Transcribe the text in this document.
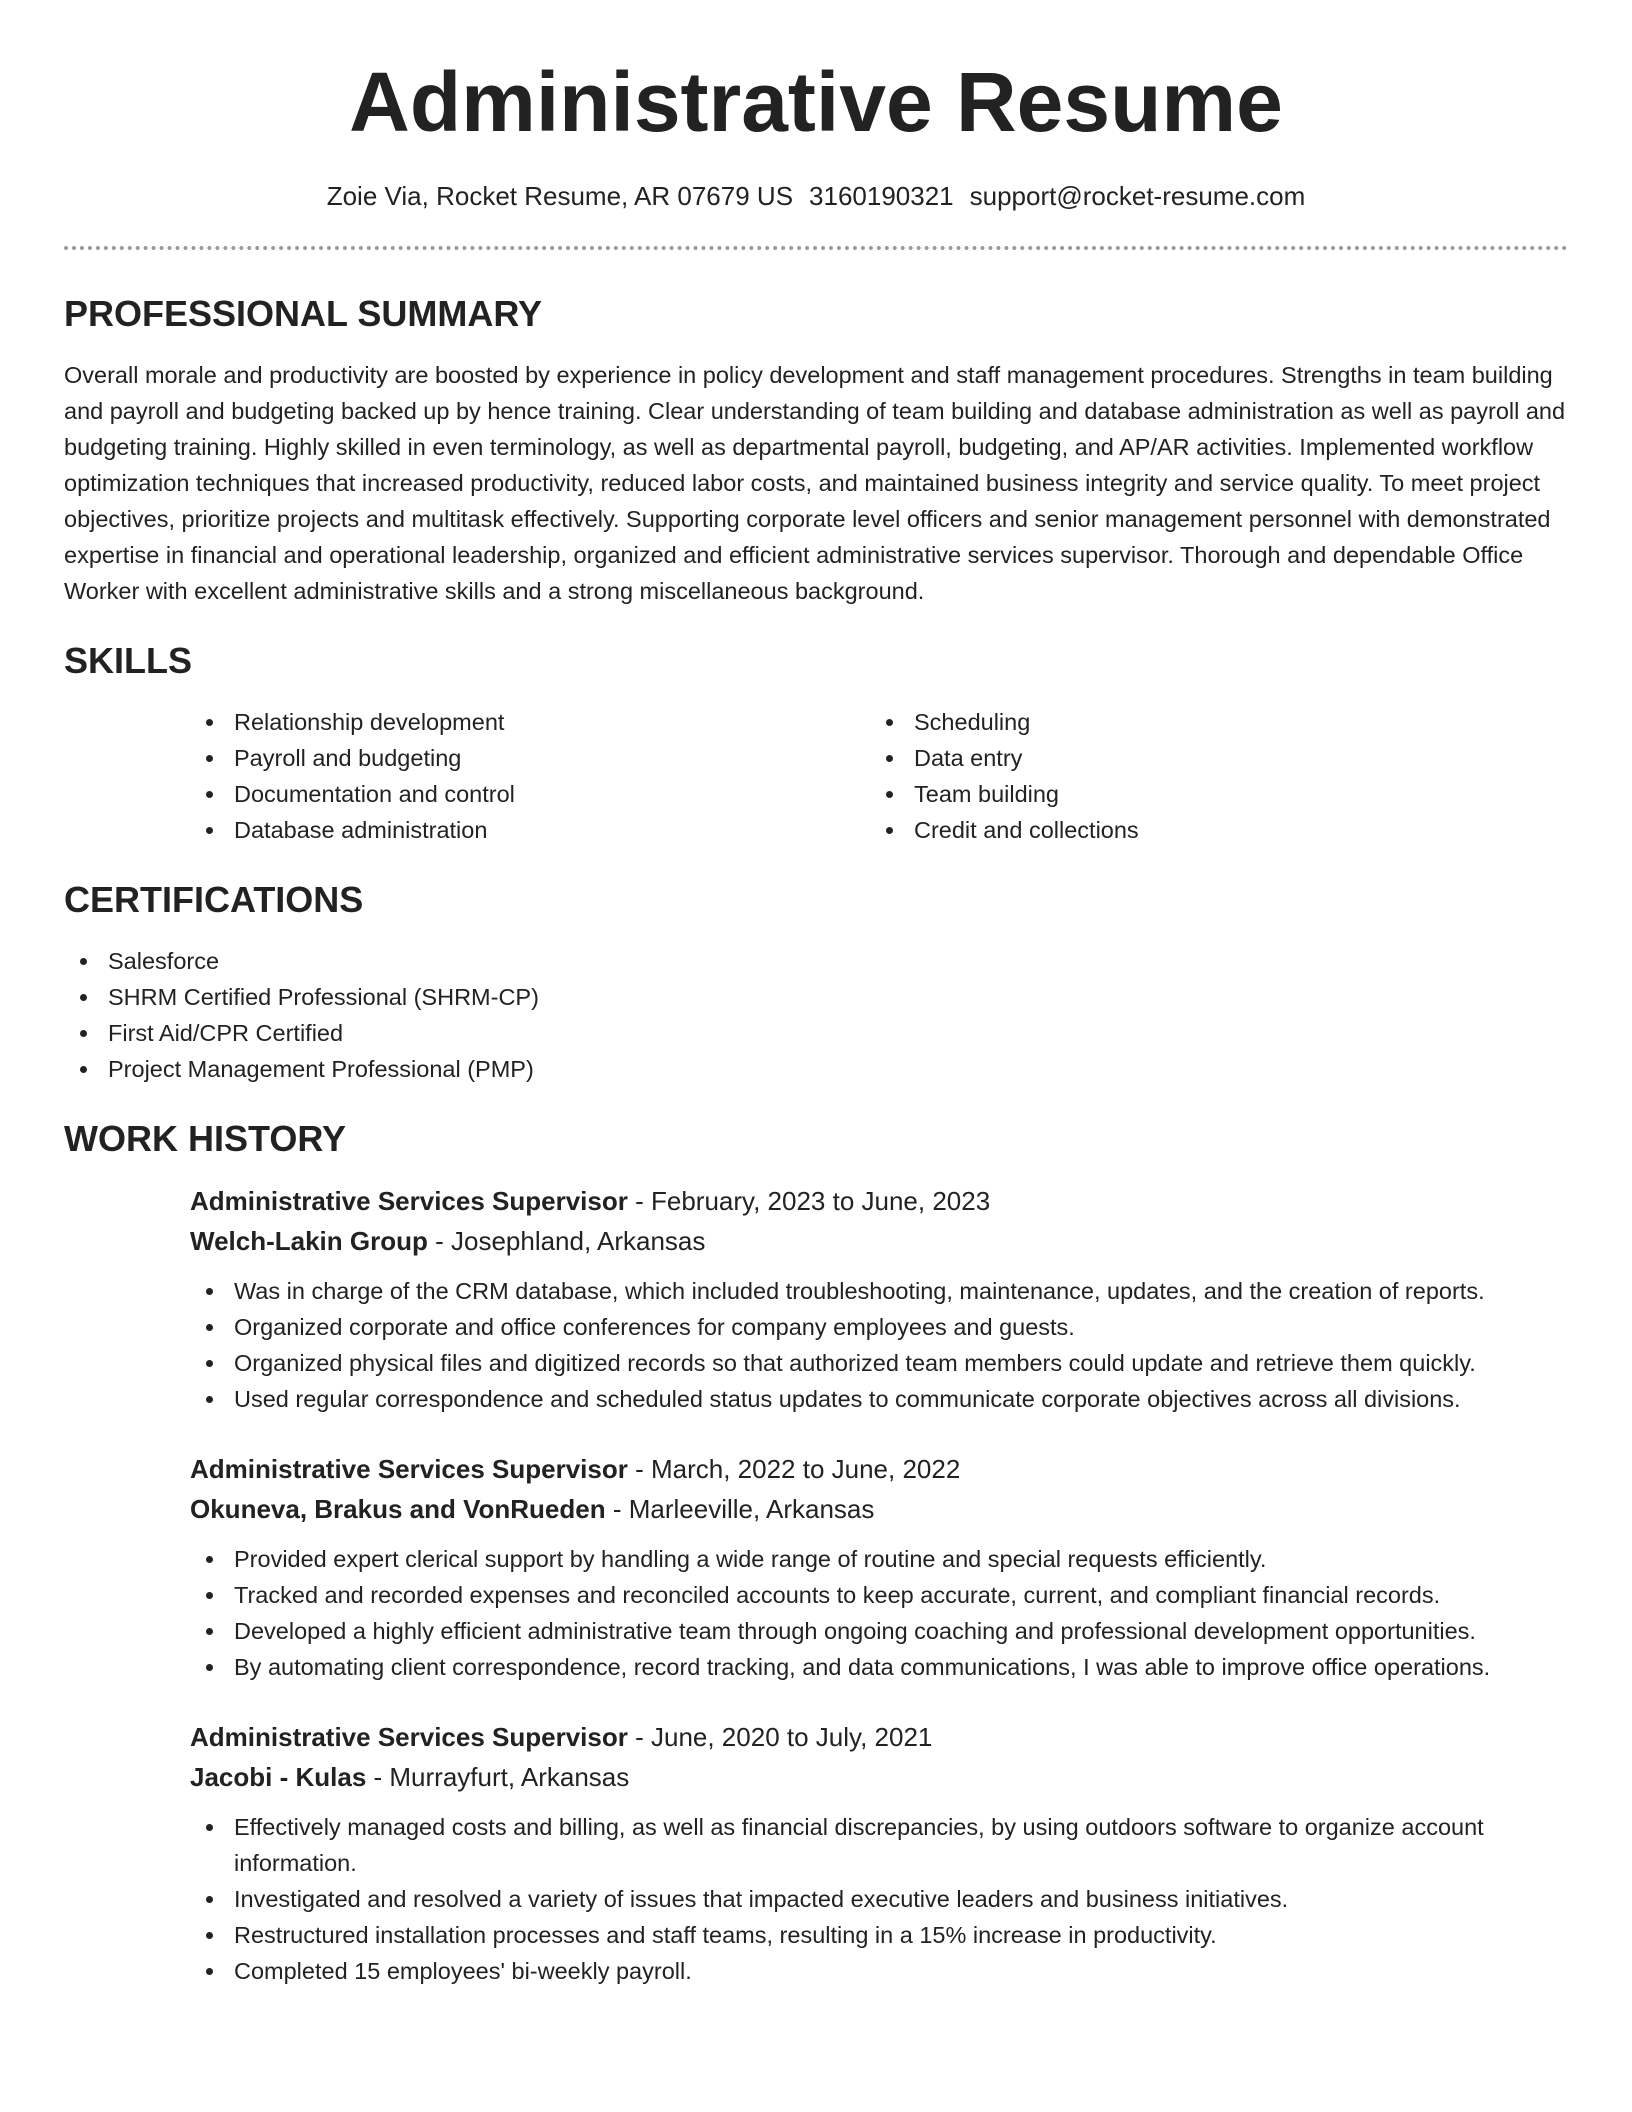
Administrative Resume
Zoie Via, Rocket Resume, AR 07679 US 3160190321 support@rocket-resume.com
PROFESSIONAL SUMMARY

Overall morale and productivity are boosted by experience in policy development and staff management procedures. Strengths in team building and payroll and budgeting backed up by hence training. Clear understanding of team building and database administration as well as payroll and budgeting training. Highly skilled in even terminology, as well as departmental payroll, budgeting, and AP/AR activities. Implemented workflow optimization techniques that increased productivity, reduced labor costs, and maintained business integrity and service quality. To meet project objectives, prioritize projects and multitask effectively. Supporting corporate level officers and senior management personnel with demonstrated expertise in financial and operational leadership, organized and efficient administrative services supervisor. Thorough and dependable Office Worker with excellent administrative skills and a strong miscellaneous background.

SKILLS
Relationship development
Payroll and budgeting
Documentation and control
Database administration
Scheduling
Data entry
Team building
Credit and collections
CERTIFICATIONS
Salesforce
SHRM Certified Professional (SHRM-CP)
First Aid/CPR Certified
Project Management Professional (PMP)
WORK HISTORY
Administrative Services Supervisor - February, 2023 to June, 2023
Welch-Lakin Group - Josephland, Arkansas
Was in charge of the CRM database, which included troubleshooting, maintenance, updates, and the creation of reports.
Organized corporate and office conferences for company employees and guests.
Organized physical files and digitized records so that authorized team members could update and retrieve them quickly.
Used regular correspondence and scheduled status updates to communicate corporate objectives across all divisions.
Administrative Services Supervisor - March, 2022 to June, 2022
Okuneva, Brakus and VonRueden - Marleeville, Arkansas
Provided expert clerical support by handling a wide range of routine and special requests efficiently.
Tracked and recorded expenses and reconciled accounts to keep accurate, current, and compliant financial records.
Developed a highly efficient administrative team through ongoing coaching and professional development opportunities.
By automating client correspondence, record tracking, and data communications, I was able to improve office operations.
Administrative Services Supervisor - June, 2020 to July, 2021
Jacobi - Kulas - Murrayfurt, Arkansas
Effectively managed costs and billing, as well as financial discrepancies, by using outdoors software to organize account information.
Investigated and resolved a variety of issues that impacted executive leaders and business initiatives.
Restructured installation processes and staff teams, resulting in a 15% increase in productivity.
Completed 15 employees' bi-weekly payroll.
